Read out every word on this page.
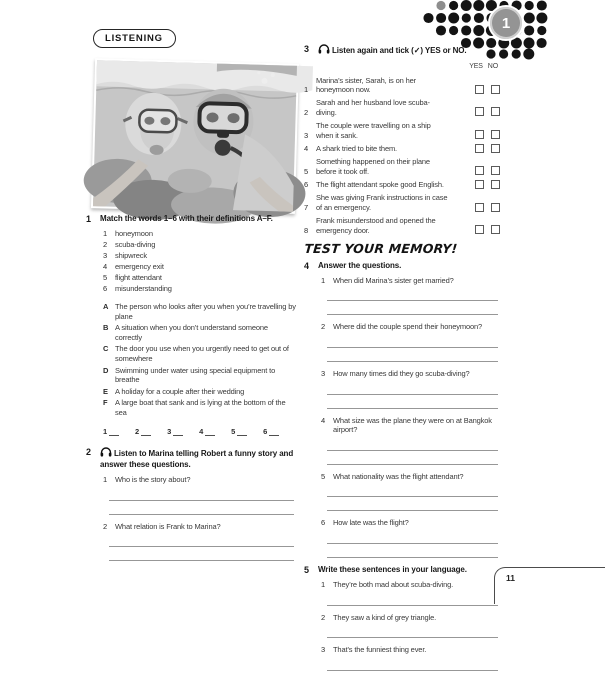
1
LISTENING
1	Match the words 1–6 with their definitions A–F.
1 honeymoon
2 scuba-diving
3 shipwreck
4 emergency exit
5 flight attendant
6 misunderstanding
A The person who looks after you when you’re travelling by plane
B A situation when you don’t understand someone correctly
C The door you use when you urgently need to get out of somewhere
D Swimming under water using special equipment to breathe
E A holiday for a couple after their wedding
F	A large boat that sank and is lying at the bottom of the sea
1	2	3	4	5	6
2	Listen to Marina telling Robert a funny story and answer these questions.
1 Who is the story about?
2 What relation is Frank to Marina?
3	Listen again and tick (✓) YES or NO.
YES NO
1
Marina’s sister, Sarah, is on her honeymoon now.
2
Sarah and her husband love scuba-diving.
3
The couple were travelling on a ship when it sank.
4	A shark tried to bite them.
5
Something happened on their plane before it took off.
6	The flight attendant spoke good English.
7
She was giving Frank instructions in case of an emergency.
8
Frank misunderstood and opened the emergency door.
TEST YOUR MEMORY!
4	Answer the questions.
1 When did Marina’s sister get married?
2 Where did the couple spend their honeymoon?
3 How many times did they go scuba-diving?
4 What size was the plane they were on at Bangkok airport?
5 What nationality was the flight attendant?
6 How late was the flight?
5	Write these sentences in your language.
1 They’re both mad about scuba-diving.
2 They saw a kind of grey triangle.
3 That’s the funniest thing ever.
11
